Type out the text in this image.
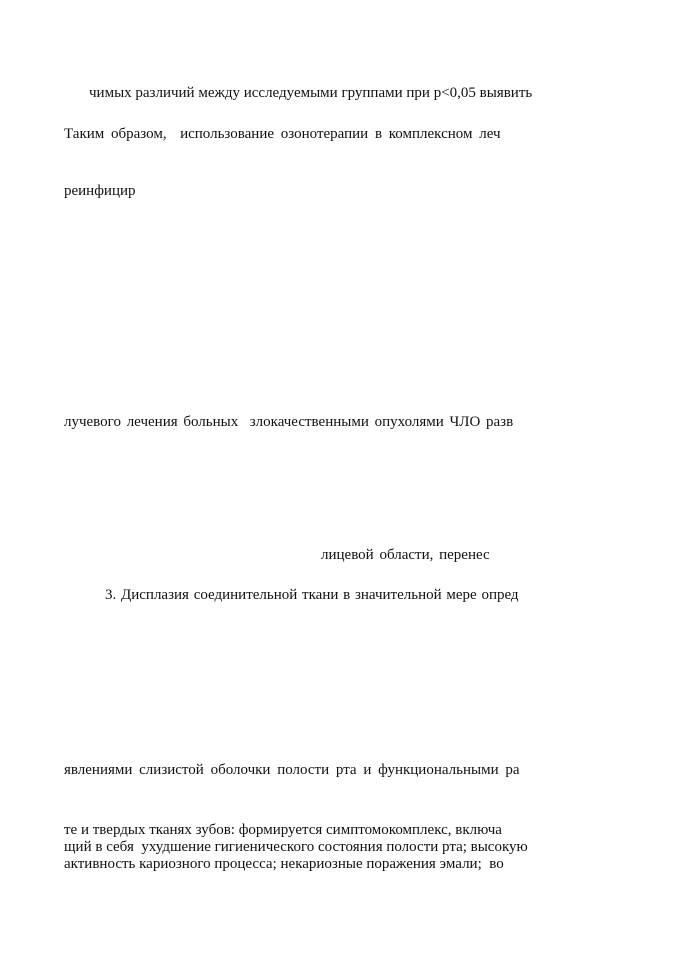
чимых различий между исследуемыми группами при p<0,05 выявить

Таким образом,  использование озонотерапии в комплексном леч

реинфицир

лучевого лечения больных  злокачественными опухолями ЧЛО разв

лицевой области, перенес

3. Дисплазия соединительной ткани в значительной мере опред

явлениями слизистой оболочки полости рта и функциональными ра

те и твердых тканях зубов: формируется симптомокомплекс, включа

щий в себя  ухудшение гигиенического состояния полости рта; высокую

активность кариозного процесса; некариозные поражения эмали;  во
